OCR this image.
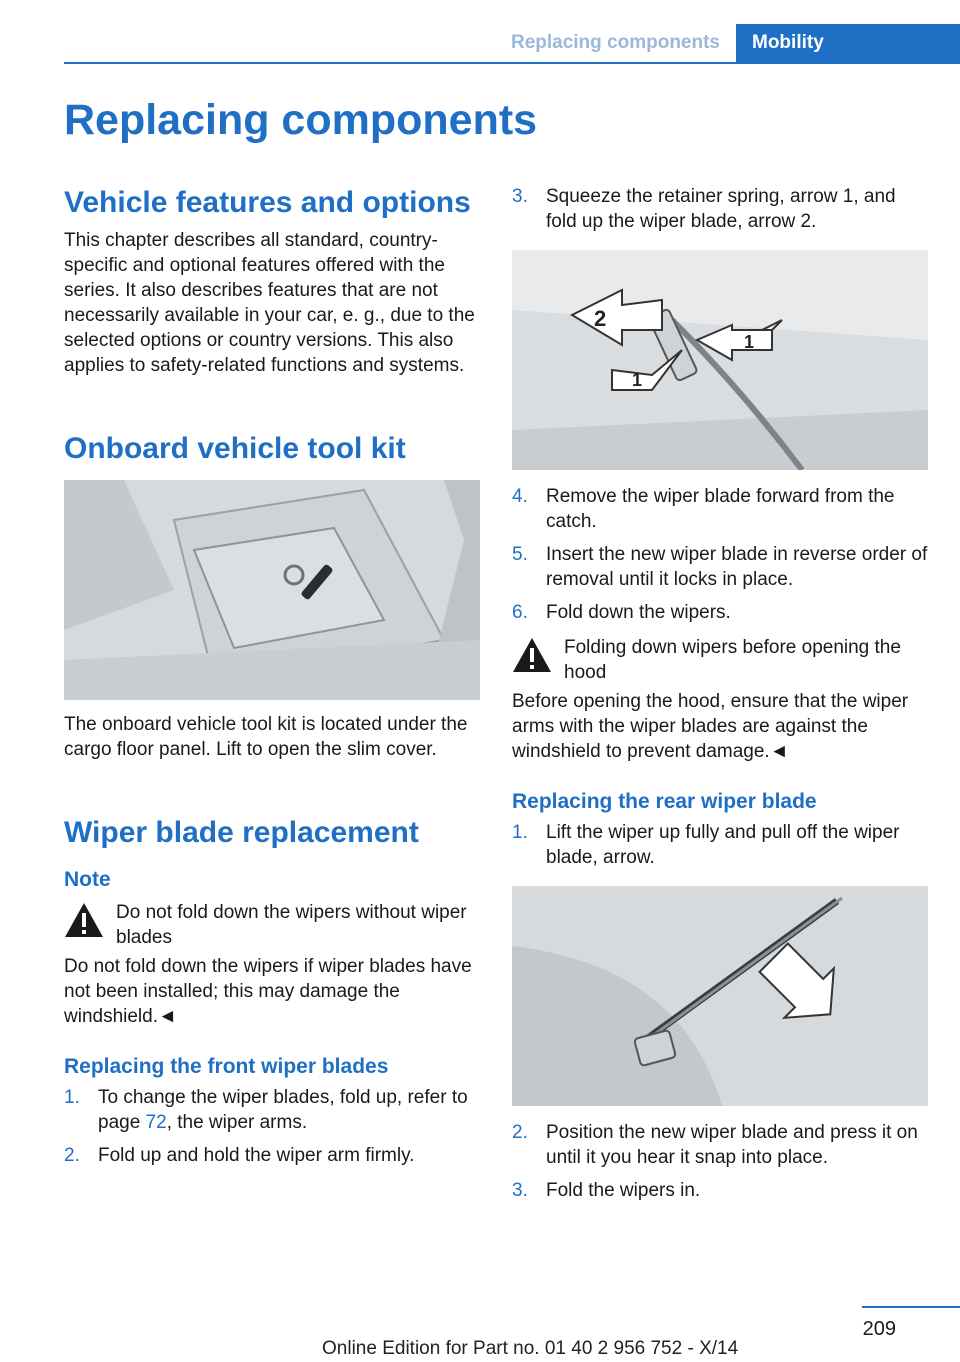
Replacing components	Mobility
Replacing components
Vehicle features and options

This chapter describes all standard, country-specific and optional features offered with the series. It also describes features that are not necessarily available in your car, e. g., due to the selected options or country versions. This also applies to safety-related functions and systems.

Onboard vehicle tool kit

The onboard vehicle tool kit is located under the cargo floor panel. Lift to open the slim cover.

Wiper blade replacement
Note
Do not fold down the wipers without wiper blades

Do not fold down the wipers if wiper blades have not been installed; this may damage the windshield.◄

Replacing the front wiper blades
1. To change the wiper blades, fold up, refer to page 72, the wiper arms.
2. Fold up and hold the wiper arm firmly.
3. Squeeze the retainer spring, arrow 1, and fold up the wiper blade, arrow 2.
2
1
1
4. Remove the wiper blade forward from the catch.
5. Insert the new wiper blade in reverse order of removal until it locks in place.
6. Fold down the wipers.
Folding down wipers before opening the hood

Before opening the hood, ensure that the wiper arms with the wiper blades are against the windshield to prevent damage.◄

Replacing the rear wiper blade
1. Lift the wiper up fully and pull off the wiper blade, arrow.
2. Position the new wiper blade and press it on until it you hear it snap into place.
3. Fold the wipers in.
209
Online Edition for Part no. 01 40 2 956 752 - X/14
